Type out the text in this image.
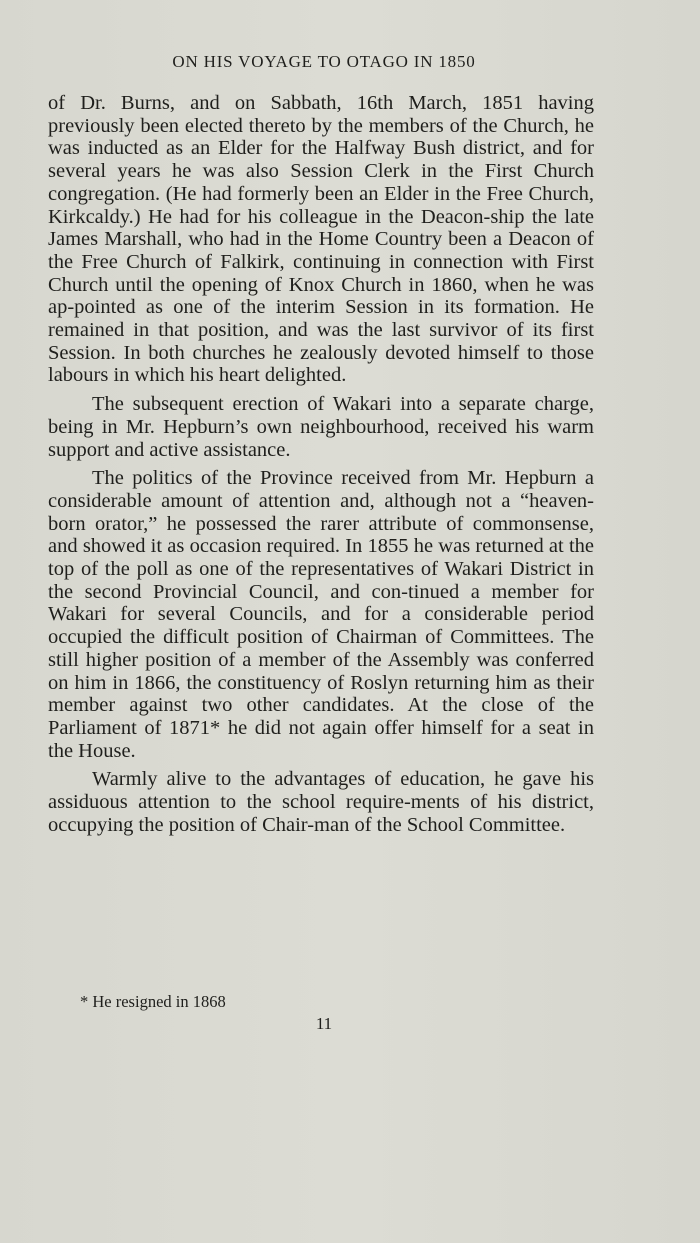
ON HIS VOYAGE TO OTAGO IN 1850

of Dr. Burns, and on Sabbath, 16th March, 1851 having previously been elected thereto by the members of the Church, he was inducted as an Elder for the Halfway Bush district, and for several years he was also Session Clerk in the First Church congregation. (He had formerly been an Elder in the Free Church, Kirkcaldy.) He had for his colleague in the Deacon-ship the late James Marshall, who had in the Home Country been a Deacon of the Free Church of Falkirk, continuing in connection with First Church until the opening of Knox Church in 1860, when he was ap-pointed as one of the interim Session in its formation. He remained in that position, and was the last survivor of its first Session. In both churches he zealously devoted himself to those labours in which his heart delighted.

The subsequent erection of Wakari into a separate charge, being in Mr. Hepburn’s own neighbourhood, received his warm support and active assistance.

The politics of the Province received from Mr. Hepburn a considerable amount of attention and, although not a “heaven-born orator,” he possessed the rarer attribute of commonsense, and showed it as occasion required. In 1855 he was returned at the top of the poll as one of the representatives of Wakari District in the second Provincial Council, and con-tinued a member for Wakari for several Councils, and for a considerable period occupied the difficult position of Chairman of Committees. The still higher position of a member of the Assembly was conferred on him in 1866, the constituency of Roslyn returning him as their member against two other candidates. At the close of the Parliament of 1871* he did not again offer himself for a seat in the House.

Warmly alive to the advantages of education, he gave his assiduous attention to the school require-ments of his district, occupying the position of Chair-man of the School Committee.

* He resigned in 1868
11
